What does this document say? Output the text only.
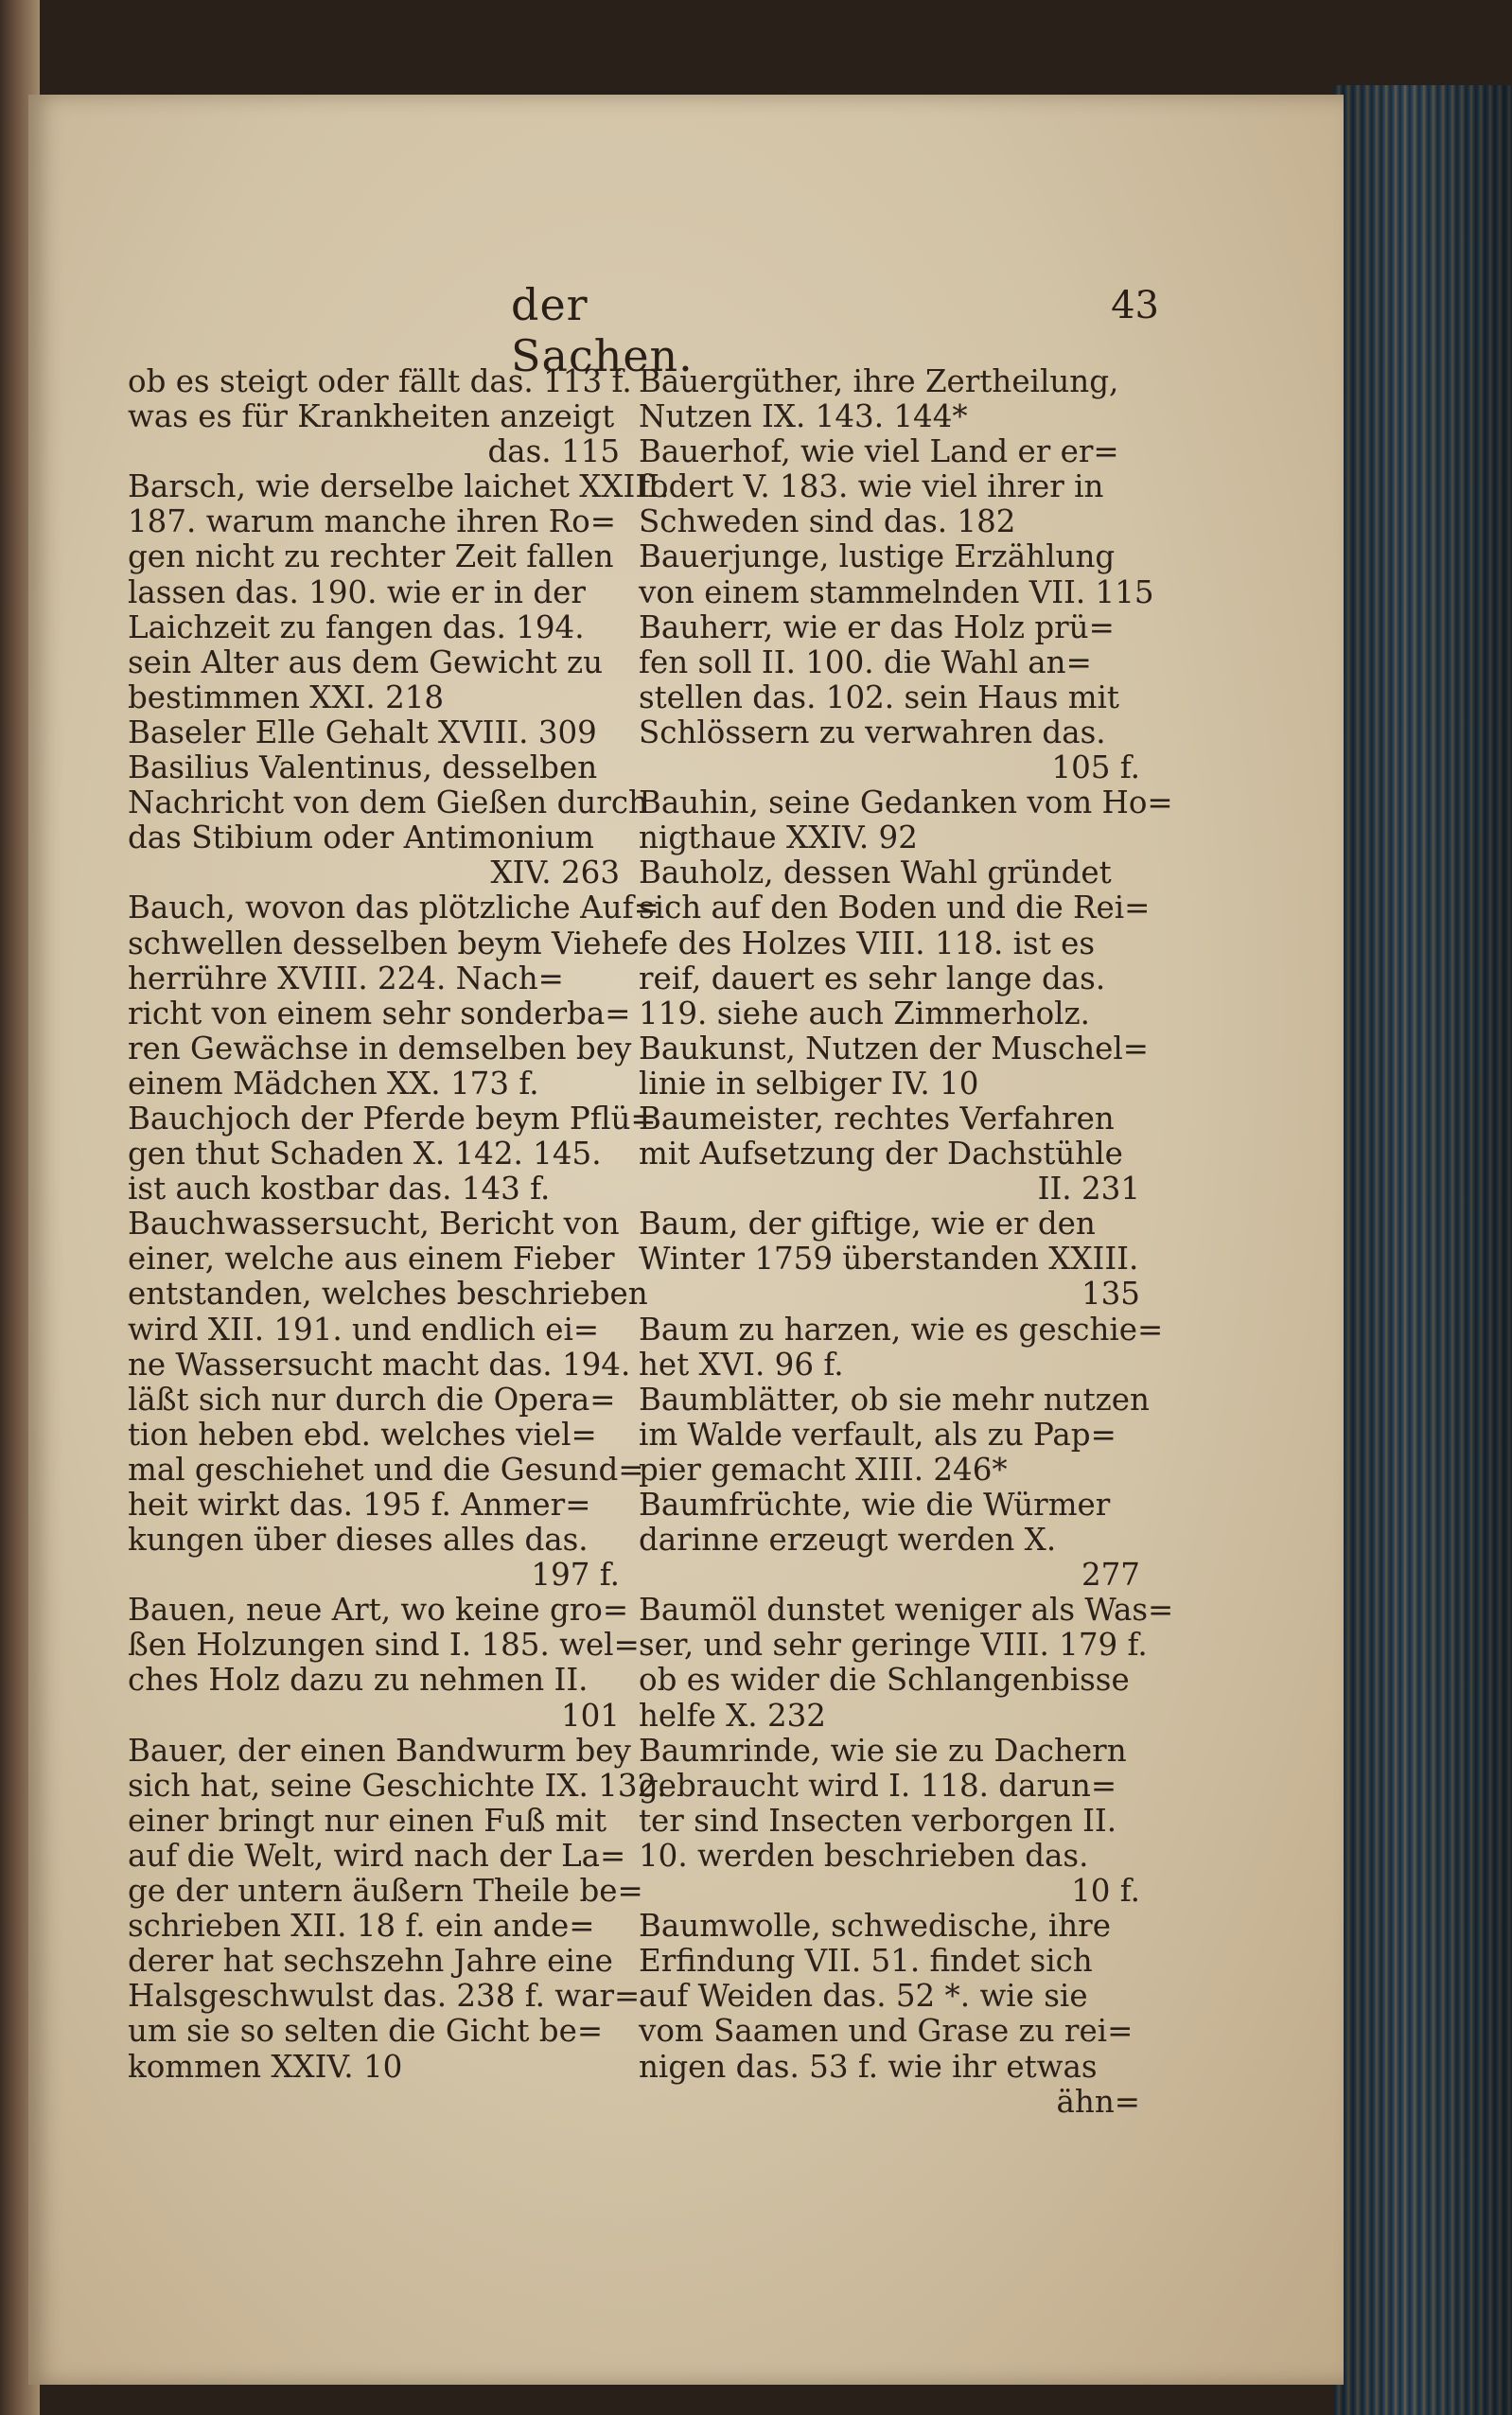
der Sachen.
43
ob es steigt oder fällt das. 113 f.
was es für Krankheiten anzeigt
das. 115
Barsch, wie derselbe laichet XXIII.
187. warum manche ihren Ro=
gen nicht zu rechter Zeit fallen
lassen das. 190. wie er in der
Laichzeit zu fangen das. 194.
sein Alter aus dem Gewicht zu
bestimmen XXI. 218
Baseler Elle Gehalt XVIII. 309
Basilius Valentinus, desselben
Nachricht von dem Gießen durch
das Stibium oder Antimonium
XIV. 263
Bauch, wovon das plötzliche Auf=
schwellen desselben beym Viehe
herrühre XVIII. 224. Nach=
richt von einem sehr sonderba=
ren Gewächse in demselben bey
einem Mädchen XX. 173 f.
Bauchjoch der Pferde beym Pflü=
gen thut Schaden X. 142. 145.
ist auch kostbar das. 143 f.
Bauchwassersucht, Bericht von
einer, welche aus einem Fieber
entstanden, welches beschrieben
wird XII. 191. und endlich ei=
ne Wassersucht macht das. 194.
läßt sich nur durch die Opera=
tion heben ebd. welches viel=
mal geschiehet und die Gesund=
heit wirkt das. 195 f. Anmer=
kungen über dieses alles das.
197 f.
Bauen, neue Art, wo keine gro=
ßen Holzungen sind I. 185. wel=
ches Holz dazu zu nehmen II.
101
Bauer, der einen Bandwurm bey
sich hat, seine Geschichte IX. 132.
einer bringt nur einen Fuß mit
auf die Welt, wird nach der La=
ge der untern äußern Theile be=
schrieben XII. 18 f. ein ande=
derer hat sechszehn Jahre eine
Halsgeschwulst das. 238 f. war=
um sie so selten die Gicht be=
kommen XXIV. 10
Bauergüther, ihre Zertheilung,
Nutzen IX. 143. 144*
Bauerhof, wie viel Land er er=
fodert V. 183. wie viel ihrer in
Schweden sind das. 182
Bauerjunge, lustige Erzählung
von einem stammelnden VII. 115
Bauherr, wie er das Holz prü=
fen soll II. 100. die Wahl an=
stellen das. 102. sein Haus mit
Schlössern zu verwahren das.
105 f.
Bauhin, seine Gedanken vom Ho=
nigthaue XXIV. 92
Bauholz, dessen Wahl gründet
sich auf den Boden und die Rei=
fe des Holzes VIII. 118. ist es
reif, dauert es sehr lange das.
119. siehe auch Zimmerholz.
Baukunst, Nutzen der Muschel=
linie in selbiger IV. 10
Baumeister, rechtes Verfahren
mit Aufsetzung der Dachstühle
II. 231
Baum, der giftige, wie er den
Winter 1759 überstanden XXIII.
135
Baum zu harzen, wie es geschie=
het XVI. 96 f.
Baumblätter, ob sie mehr nutzen
im Walde verfault, als zu Pap=
pier gemacht XIII. 246*
Baumfrüchte, wie die Würmer
darinne erzeugt werden X.
277
Baumöl dunstet weniger als Was=
ser, und sehr geringe VIII. 179 f.
ob es wider die Schlangenbisse
helfe X. 232
Baumrinde, wie sie zu Dachern
gebraucht wird I. 118. darun=
ter sind Insecten verborgen II.
10. werden beschrieben das.
10 f.
Baumwolle, schwedische, ihre
Erfindung VII. 51. findet sich
auf Weiden das. 52 *. wie sie
vom Saamen und Grase zu rei=
nigen das. 53 f. wie ihr etwas
ähn=
